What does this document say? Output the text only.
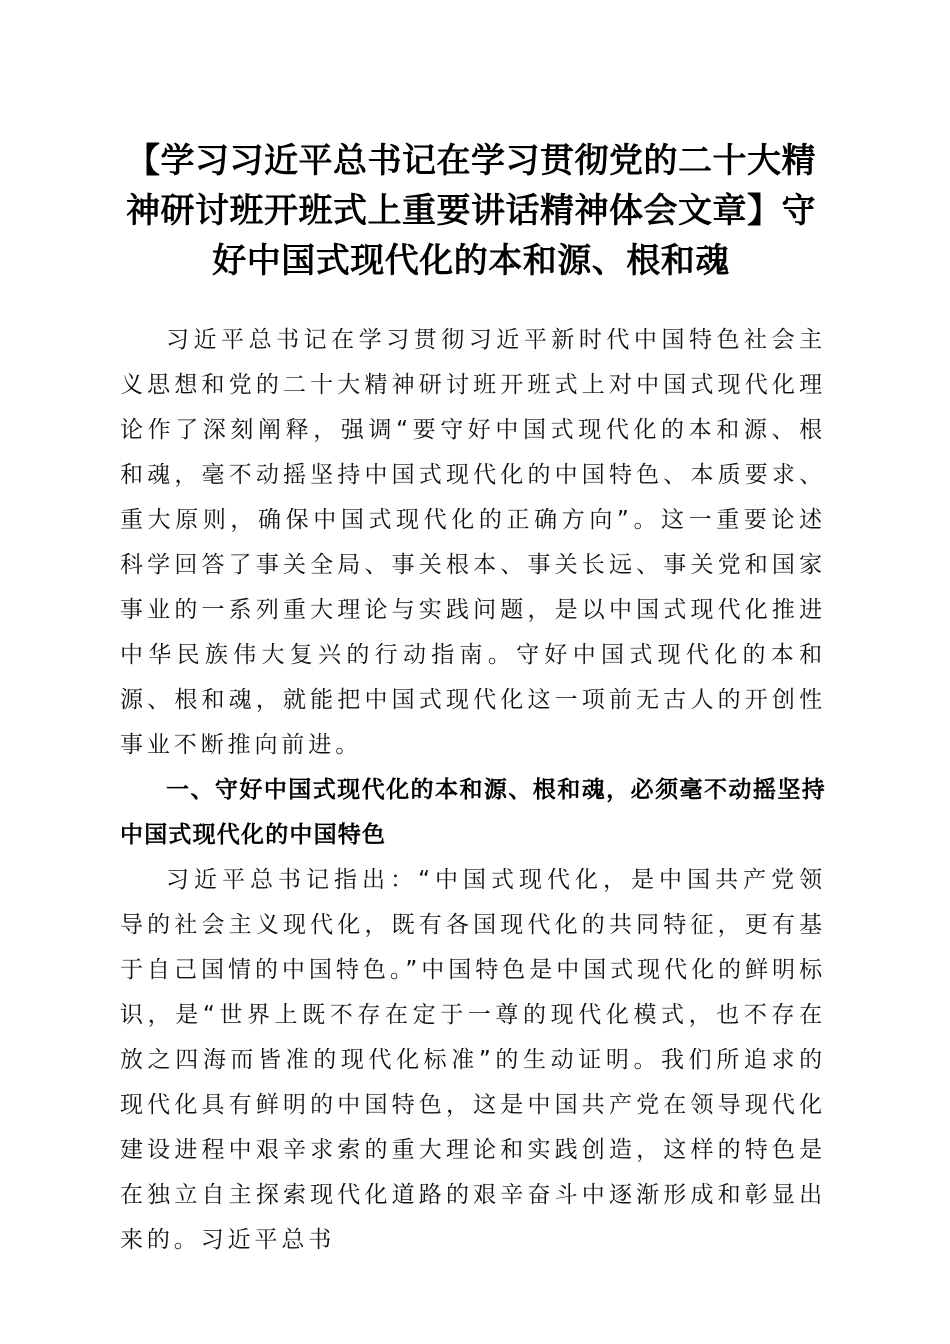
【学习习近平总书记在学习贯彻党的二十大精神研讨班开班式上重要讲话精神体会文章】守好中国式现代化的本和源、根和魂

习近平总书记在学习贯彻习近平新时代中国特色社会主义思想和党的二十大精神研讨班开班式上对中国式现代化理论作了深刻阐释，强调“要守好中国式现代化的本和源、根和魂，毫不动摇坚持中国式现代化的中国特色、本质要求、重大原则，确保中国式现代化的正确方向”。这一重要论述科学回答了事关全局、事关根本、事关长远、事关党和国家事业的一系列重大理论与实践问题，是以中国式现代化推进中华民族伟大复兴的行动指南。守好中国式现代化的本和源、根和魂，就能把中国式现代化这一项前无古人的开创性事业不断推向前进。

一、守好中国式现代化的本和源、根和魂，必须毫不动摇坚持中国式现代化的中国特色

习近平总书记指出：“中国式现代化，是中国共产党领导的社会主义现代化，既有各国现代化的共同特征，更有基于自己国情的中国特色。”中国特色是中国式现代化的鲜明标识，是“世界上既不存在定于一尊的现代化模式，也不存在放之四海而皆准的现代化标准”的生动证明。我们所追求的现代化具有鲜明的中国特色，这是中国共产党在领导现代化建设进程中艰辛求索的重大理论和实践创造，这样的特色是在独立自主探索现代化道路的艰辛奋斗中逐渐形成和彰显出来的。习近平总书
